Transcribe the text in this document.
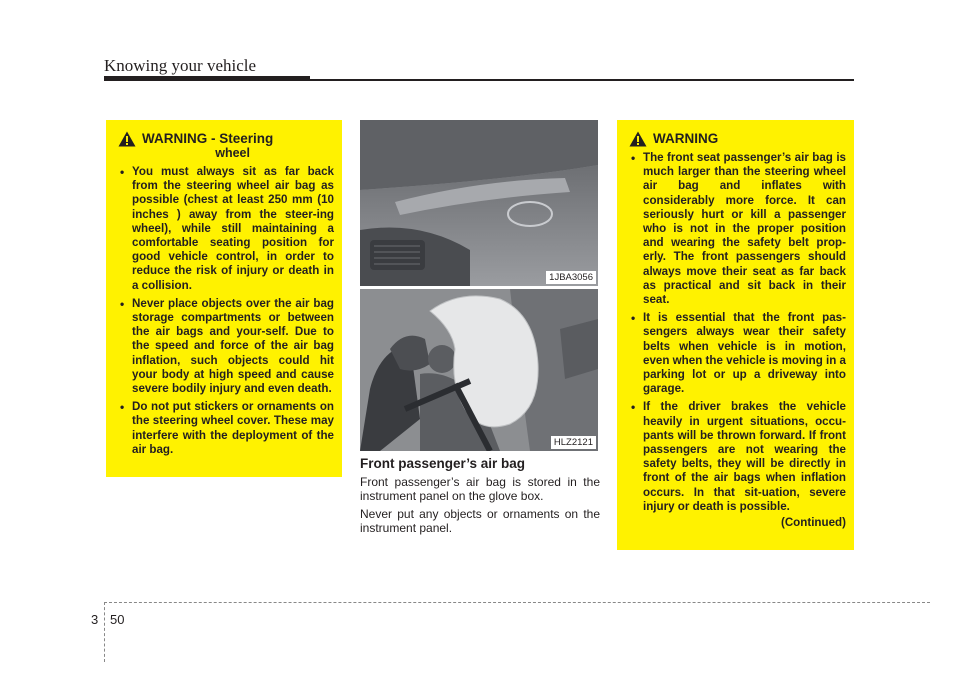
Knowing your vehicle
WARNING - Steering
wheel
• You must always sit as far back from the steering wheel air bag as possible (chest at least 250 mm (10 inches ) away from the steer-ing wheel), while still maintaining a comfortable seating position for good vehicle control, in order to reduce the risk of injury or death in a collision.
• Never place objects over the air bag storage compartments or between the air bags and your-self. Due to the speed and force of the air bag inflation, such objects could hit your body at high speed and cause severe bodily injury and even death.
• Do not put stickers or ornaments on the steering wheel cover. These may interfere with the deployment of the air bag.
1JBA3056
HLZ2121
Front passenger’s air bag
Front passenger’s air bag is stored in the instrument panel on the glove box.
Never put any objects or ornaments on the instrument panel.
WARNING
• The front seat passenger’s air bag is much larger than the steering wheel air bag and inflates with considerably more force. It can seriously hurt or kill a passenger who is not in the proper position and wearing the safety belt prop-erly. The front passengers should always move their seat as far back as practical and sit back in their seat.
• It is essential that the front pas-sengers always wear their safety belts when vehicle is in motion, even when the vehicle is moving in a parking lot or up a driveway into garage.
• If the driver brakes the vehicle heavily in urgent situations, occu-pants will be thrown forward. If front passengers are not wearing the safety belts, they will be directly in front of the air bags when inflation occurs. In that sit-uation, severe injury or death is possible.
(Continued)
3 50
